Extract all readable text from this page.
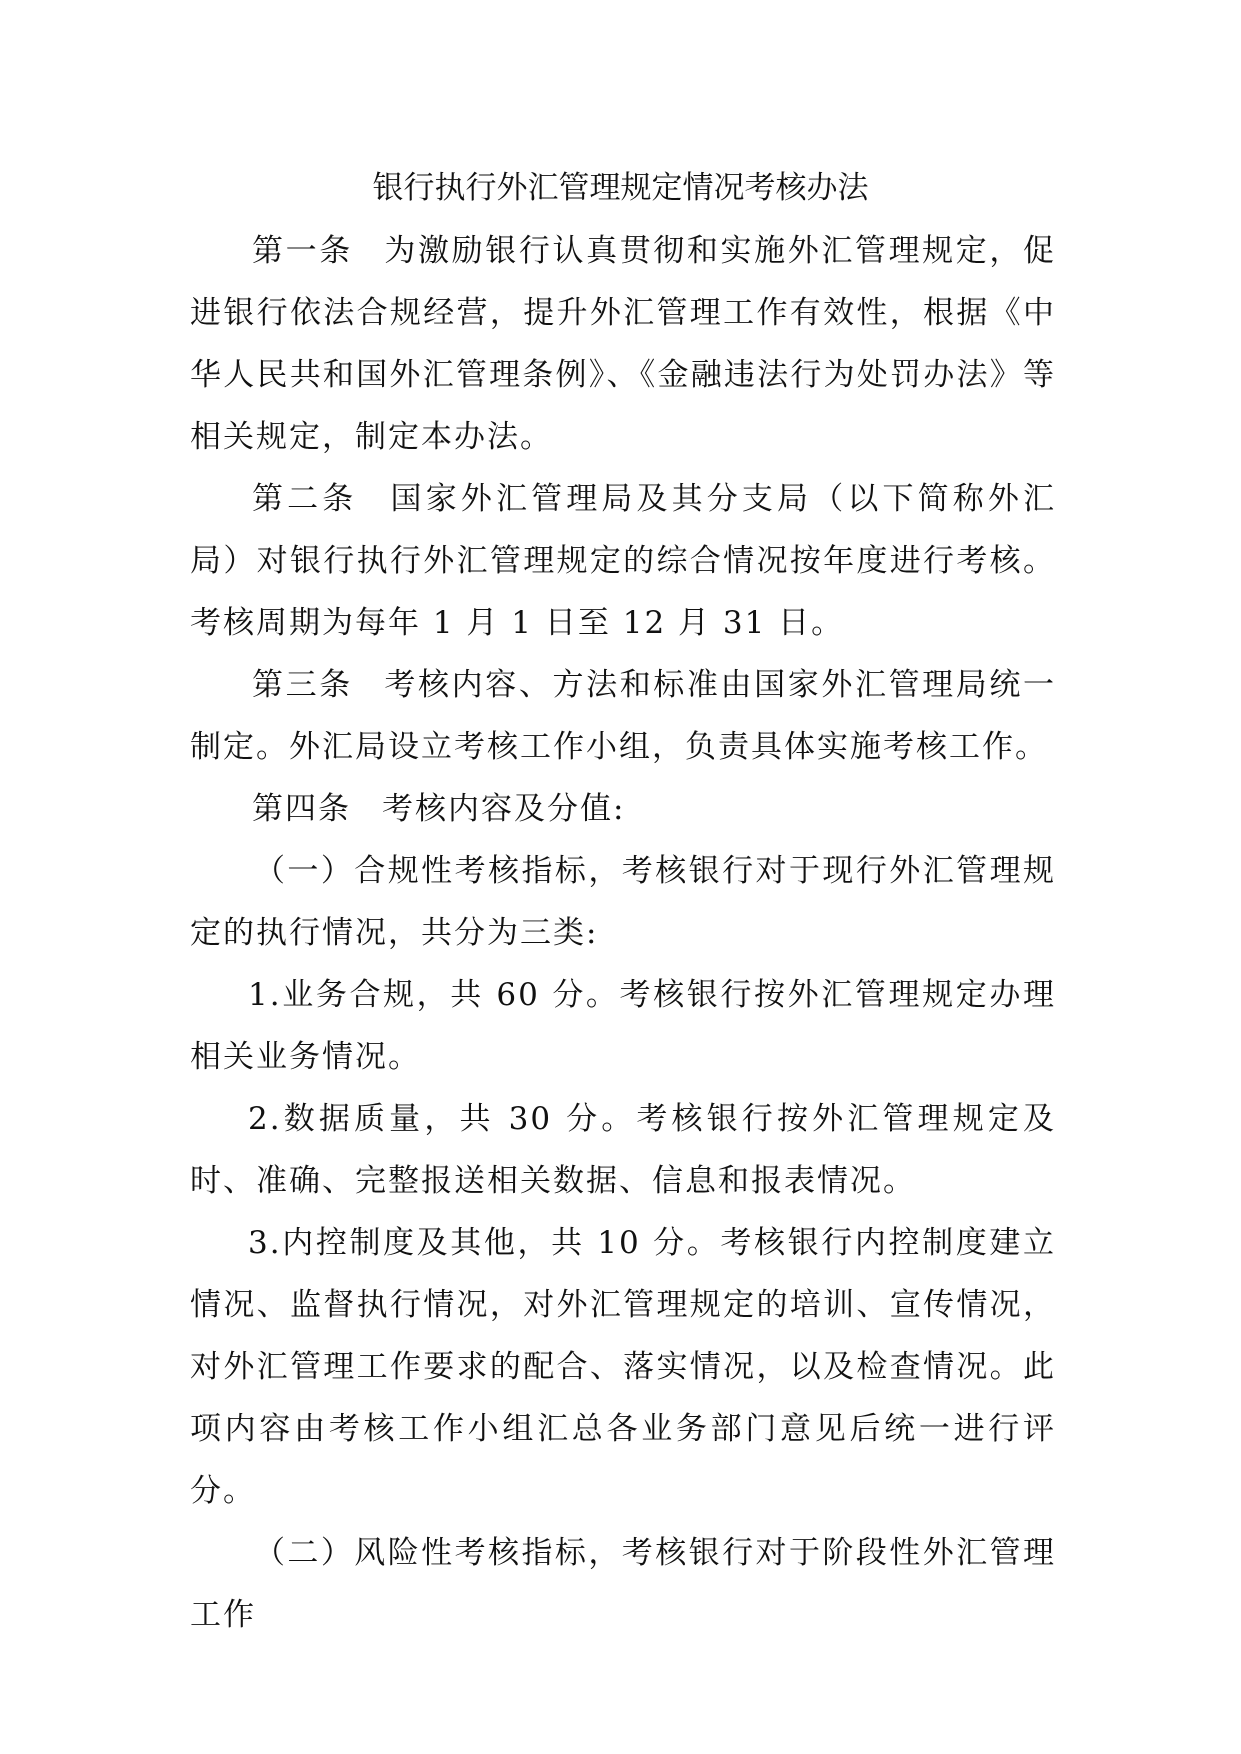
银行执行外汇管理规定情况考核办法

第一条 为激励银行认真贯彻和实施外汇管理规定，促进银行依法合规经营，提升外汇管理工作有效性，根据《中华人民共和国外汇管理条例》、《金融违法行为处罚办法》等相关规定，制定本办法。

第二条 国家外汇管理局及其分支局（以下简称外汇局）对银行执行外汇管理规定的综合情况按年度进行考核。考核周期为每年 1 月 1 日至 12 月 31 日。

第三条 考核内容、方法和标准由国家外汇管理局统一制定。外汇局设立考核工作小组，负责具体实施考核工作。

第四条 考核内容及分值:

（一）合规性考核指标，考核银行对于现行外汇管理规定的执行情况，共分为三类:

1.业务合规，共 60 分。考核银行按外汇管理规定办理相关业务情况。

2.数据质量，共 30 分。考核银行按外汇管理规定及时、准确、完整报送相关数据、信息和报表情况。

3.内控制度及其他，共 10 分。考核银行内控制度建立情况、监督执行情况，对外汇管理规定的培训、宣传情况，对外汇管理工作要求的配合、落实情况，以及检查情况。此项内容由考核工作小组汇总各业务部门意见后统一进行评分。

（二）风险性考核指标，考核银行对于阶段性外汇管理工作
